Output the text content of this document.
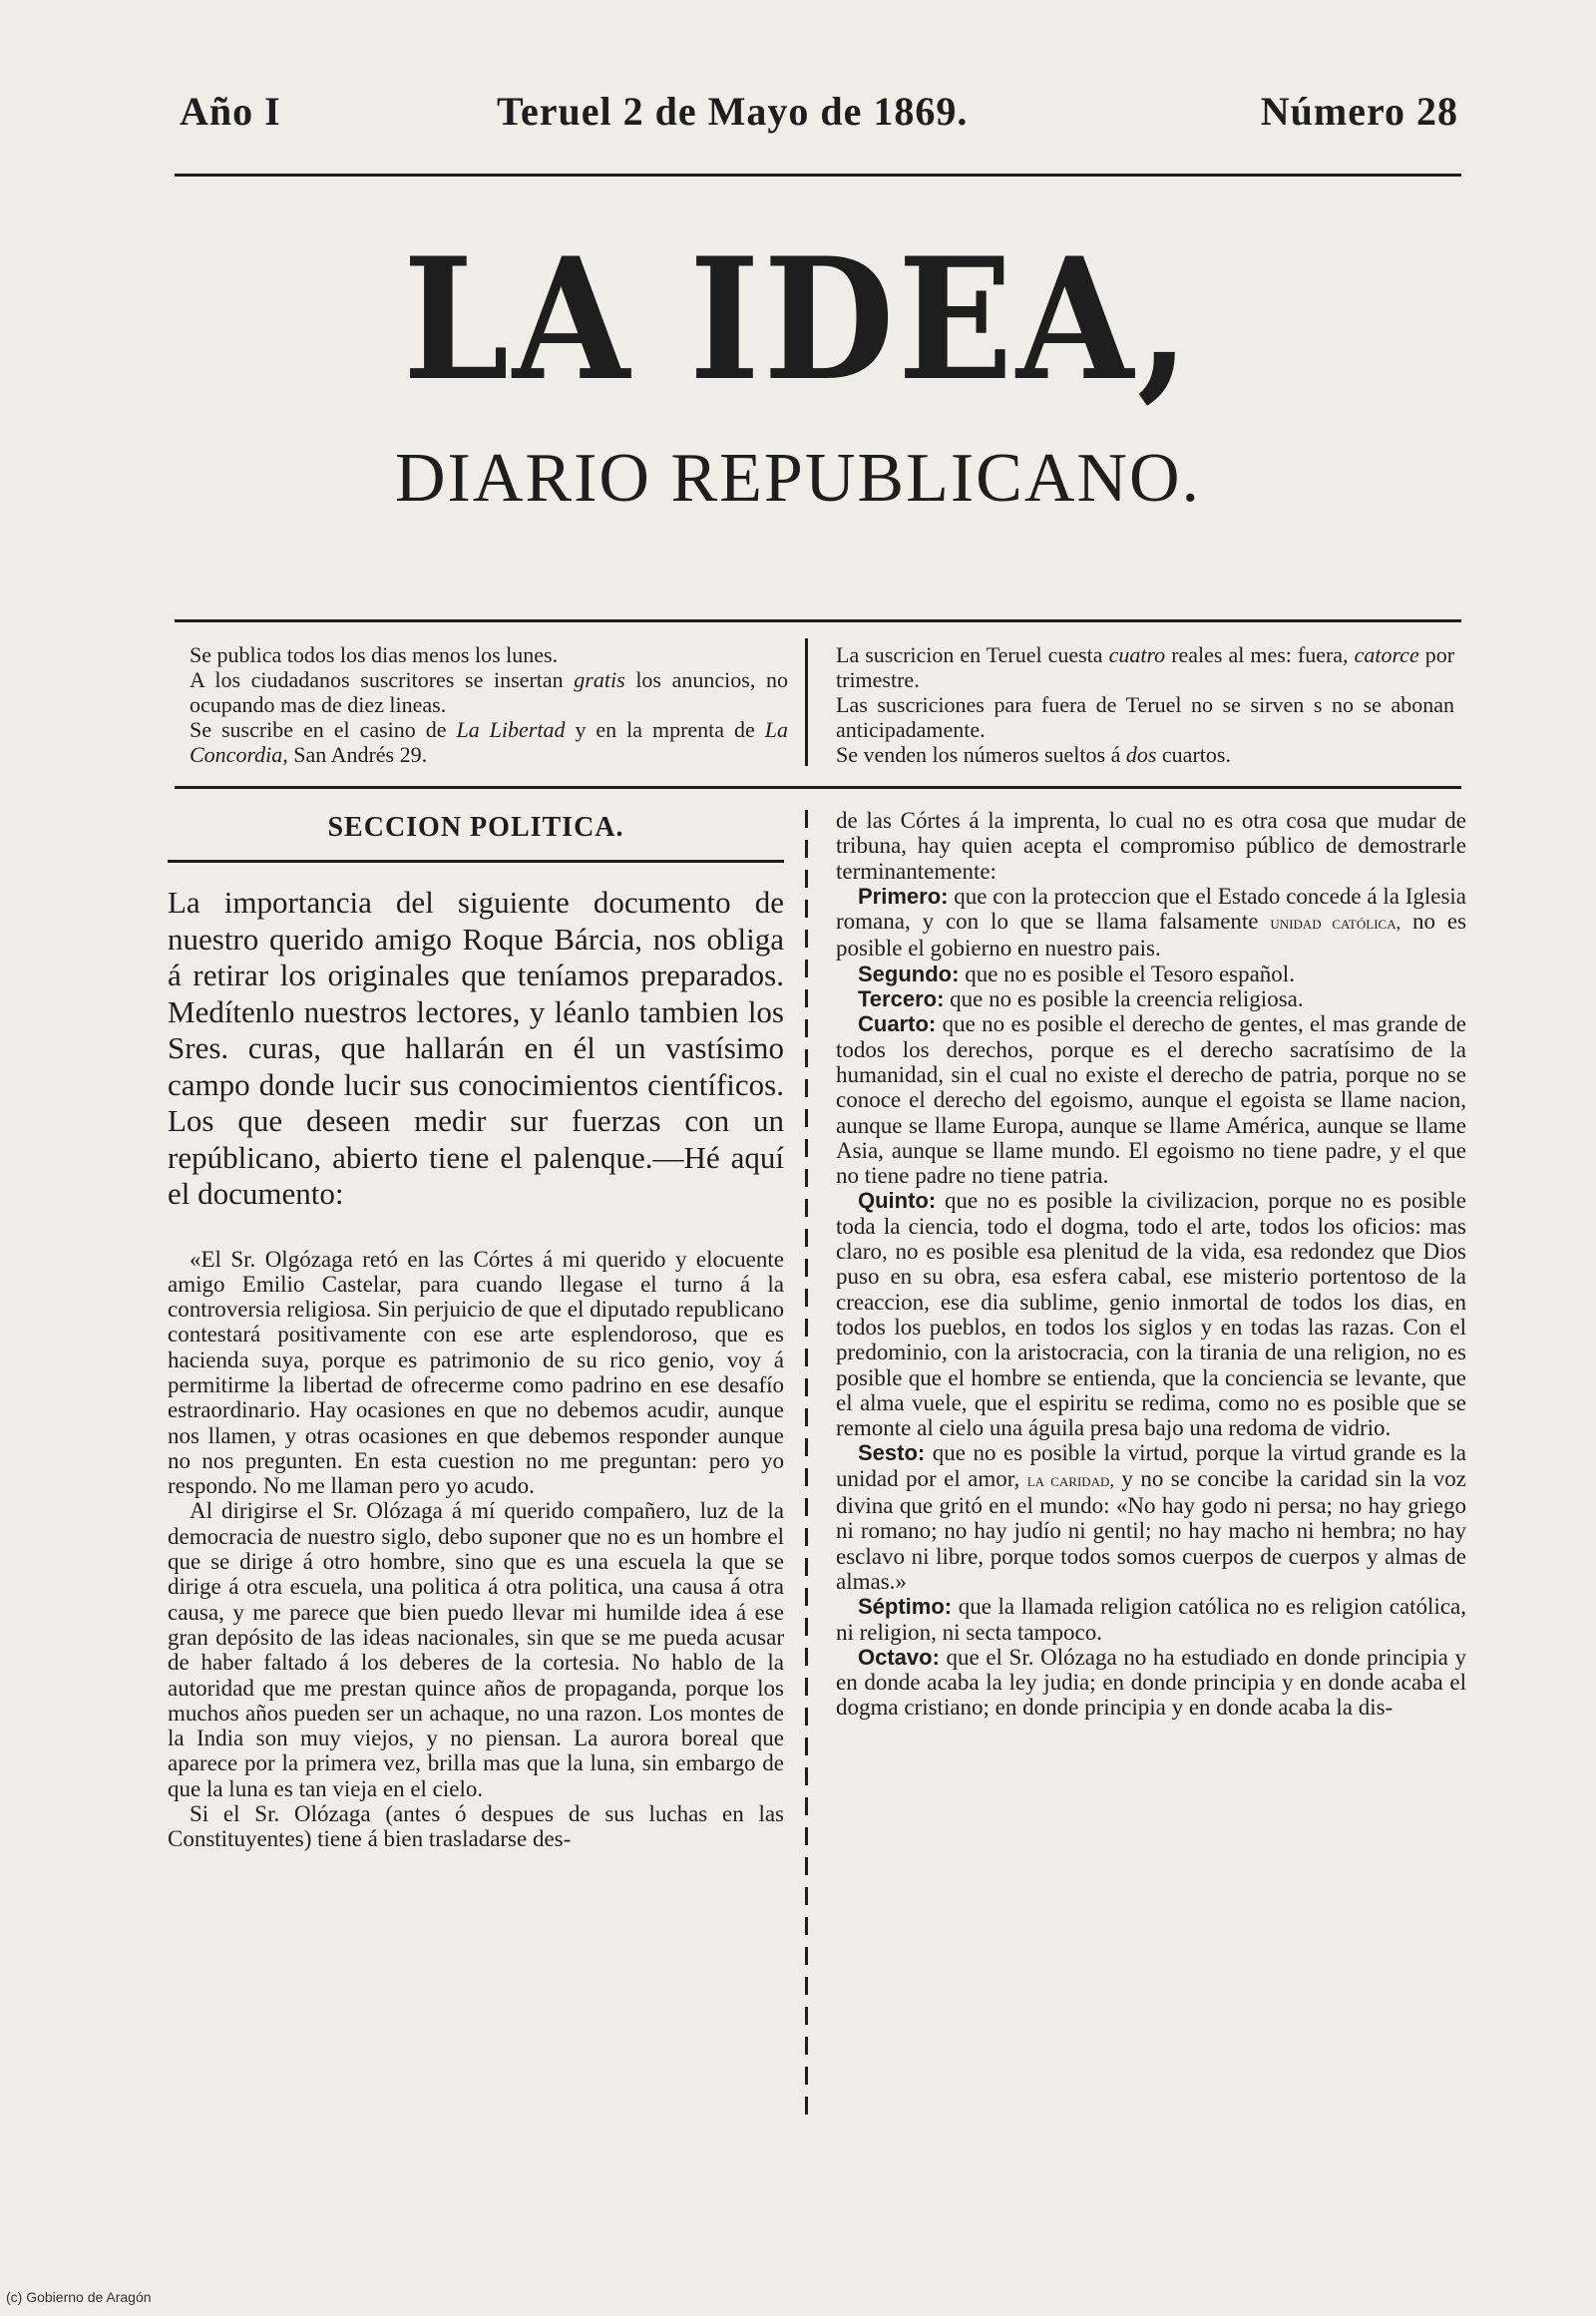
Año I	Teruel 2 de Mayo de 1869.	Número 28
LA IDEA,
DIARIO REPUBLICANO.

Se publica todos los dias menos los lunes.

A los ciudadanos suscritores se insertan gratis los anuncios, no ocupando mas de diez lineas.

Se suscribe en el casino de La Libertad y en la mprenta de La Concordia, San Andrés 29.

La suscricion en Teruel cuesta cuatro reales al mes: fuera, catorce por trimestre.

Las suscriciones para fuera de Teruel no se sirven s no se abonan anticipadamente.

Se venden los números sueltos á dos cuartos.

SECCION POLITICA.

La importancia del siguiente documento de nuestro querido amigo Roque Bárcia, nos obliga á retirar los originales que teníamos preparados. Medítenlo nuestros lectores, y léanlo tambien los Sres. curas, que hallarán en él un vastísimo campo donde lucir sus conocimientos científicos. Los que deseen medir sur fuerzas con un repúblicano, abierto tiene el palenque.—Hé aquí el documento:

«El Sr. Olgózaga retó en las Córtes á mi querido y elocuente amigo Emilio Castelar, para cuando llegase el turno á la controversia religiosa. Sin perjuicio de que el diputado republicano contestará positivamente con ese arte esplendoroso, que es hacienda suya, porque es patrimonio de su rico genio, voy á permitirme la libertad de ofrecerme como padrino en ese desafío estraordinario. Hay ocasiones en que no debemos acudir, aunque nos llamen, y otras ocasiones en que debemos responder aunque no nos pregunten. En esta cuestion no me preguntan: pero yo respondo. No me llaman pero yo acudo.

Al dirigirse el Sr. Olózaga á mí querido compañero, luz de la democracia de nuestro siglo, debo suponer que no es un hombre el que se dirige á otro hombre, sino que es una escuela la que se dirige á otra escuela, una politica á otra politica, una causa á otra causa, y me parece que bien puedo llevar mi humilde idea á ese gran depósito de las ideas nacionales, sin que se me pueda acusar de haber faltado á los deberes de la cortesia. No hablo de la autoridad que me prestan quince años de propaganda, porque los muchos años pueden ser un achaque, no una razon. Los montes de la India son muy viejos, y no piensan. La aurora boreal que aparece por la primera vez, brilla mas que la luna, sin embargo de que la luna es tan vieja en el cielo.

Si el Sr. Olózaga (antes ó despues de sus luchas en las Constituyentes) tiene á bien trasladarse des-

de las Córtes á la imprenta, lo cual no es otra cosa que mudar de tribuna, hay quien acepta el compromiso público de demostrarle terminantemente:

Primero: que con la proteccion que el Estado concede á la Iglesia romana, y con lo que se llama falsamente unidad católica, no es posible el gobierno en nuestro pais.

Segundo: que no es posible el Tesoro español.

Tercero: que no es posible la creencia religiosa.

Cuarto: que no es posible el derecho de gentes, el mas grande de todos los derechos, porque es el derecho sacratísimo de la humanidad, sin el cual no existe el derecho de patria, porque no se conoce el derecho del egoismo, aunque el egoista se llame nacion, aunque se llame Europa, aunque se llame América, aunque se llame Asia, aunque se llame mundo. El egoismo no tiene padre, y el que no tiene padre no tiene patria.

Quinto: que no es posible la civilizacion, porque no es posible toda la ciencia, todo el dogma, todo el arte, todos los oficios: mas claro, no es posible esa plenitud de la vida, esa redondez que Dios puso en su obra, esa esfera cabal, ese misterio portentoso de la creaccion, ese dia sublime, genio inmortal de todos los dias, en todos los pueblos, en todos los siglos y en todas las razas. Con el predominio, con la aristocracia, con la tirania de una religion, no es posible que el hombre se entienda, que la conciencia se levante, que el alma vuele, que el espiritu se redima, como no es posible que se remonte al cielo una águila presa bajo una redoma de vidrio.

Sesto: que no es posible la virtud, porque la virtud grande es la unidad por el amor, la caridad, y no se concibe la caridad sin la voz divina que gritó en el mundo: «No hay godo ni persa; no hay griego ni romano; no hay judío ni gentil; no hay macho ni hembra; no hay esclavo ni libre, porque todos somos cuerpos de cuerpos y almas de almas.»

Séptimo: que la llamada religion católica no es religion católica, ni religion, ni secta tampoco.

Octavo: que el Sr. Olózaga no ha estudiado en donde principia y en donde acaba la ley judia; en donde principia y en donde acaba el dogma cristiano; en donde principia y en donde acaba la dis-

(c) Gobierno de Aragón
